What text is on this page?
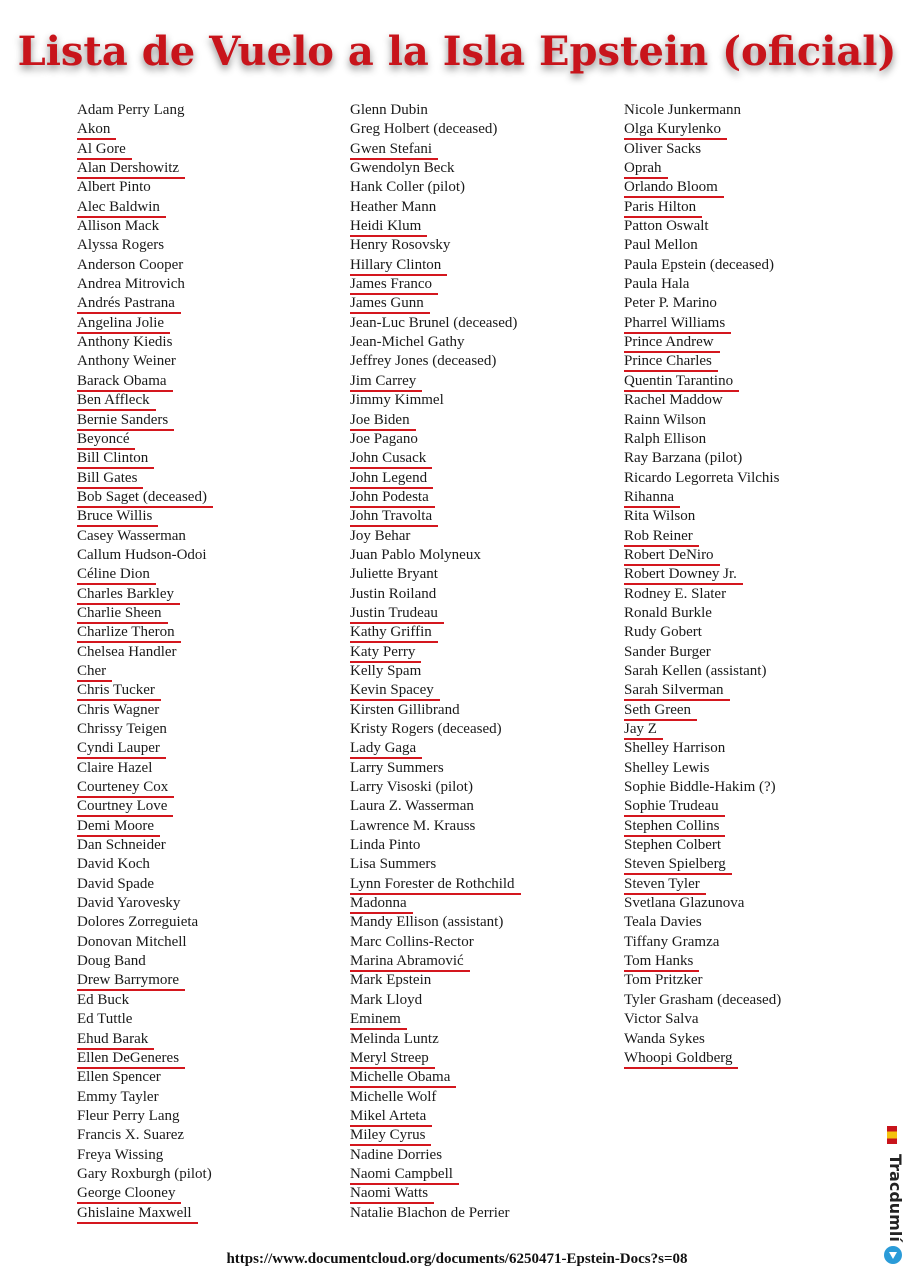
Lista de Vuelo a la Isla Epstein (oficial)
Adam Perry Lang
Akon
Al Gore
Alan Dershowitz
Albert Pinto
Alec Baldwin
Allison Mack
Alyssa Rogers
Anderson Cooper
Andrea Mitrovich
Andrés Pastrana
Angelina Jolie
Anthony Kiedis
Anthony Weiner
Barack Obama
Ben Affleck
Bernie Sanders
Beyoncé
Bill Clinton
Bill Gates
Bob Saget (deceased)
Bruce Willis
Casey Wasserman
Callum Hudson-Odoi
Céline Dion
Charles Barkley
Charlie Sheen
Charlize Theron
Chelsea Handler
Cher
Chris Tucker
Chris Wagner
Chrissy Teigen
Cyndi Lauper
Claire Hazel
Courteney Cox
Courtney Love
Demi Moore
Dan Schneider
David Koch
David Spade
David Yarovesky
Dolores Zorreguieta
Donovan Mitchell
Doug Band
Drew Barrymore
Ed Buck
Ed Tuttle
Ehud Barak
Ellen DeGeneres
Ellen Spencer
Emmy Tayler
Fleur Perry Lang
Francis X. Suarez
Freya Wissing
Gary Roxburgh (pilot)
George Clooney
Ghislaine Maxwell
Glenn Dubin
Greg Holbert (deceased)
Gwen Stefani
Gwendolyn Beck
Hank Coller (pilot)
Heather Mann
Heidi Klum
Henry Rosovsky
Hillary Clinton
James Franco
James Gunn
Jean-Luc Brunel (deceased)
Jean-Michel Gathy
Jeffrey Jones (deceased)
Jim Carrey
Jimmy Kimmel
Joe Biden
Joe Pagano
John Cusack
John Legend
John Podesta
John Travolta
Joy Behar
Juan Pablo Molyneux
Juliette Bryant
Justin Roiland
Justin Trudeau
Kathy Griffin
Katy Perry
Kelly Spam
Kevin Spacey
Kirsten Gillibrand
Kristy Rogers (deceased)
Lady Gaga
Larry Summers
Larry Visoski (pilot)
Laura Z. Wasserman
Lawrence M. Krauss
Linda Pinto
Lisa Summers
Lynn Forester de Rothchild
Madonna
Mandy Ellison (assistant)
Marc Collins-Rector
Marina Abramović
Mark Epstein
Mark Lloyd
Eminem
Melinda Luntz
Meryl Streep
Michelle Obama
Michelle Wolf
Mikel Arteta
Miley Cyrus
Nadine Dorries
Naomi Campbell
Naomi Watts
Natalie Blachon de Perrier
Nicole Junkermann
Olga Kurylenko
Oliver Sacks
Oprah
Orlando Bloom
Paris Hilton
Patton Oswalt
Paul Mellon
Paula Epstein (deceased)
Paula Hala
Peter P. Marino
Pharrel Williams
Prince Andrew
Prince Charles
Quentin Tarantino
Rachel Maddow
Rainn Wilson
Ralph Ellison
Ray Barzana (pilot)
Ricardo Legorreta Vilchis
Rihanna
Rita Wilson
Rob Reiner
Robert DeNiro
Robert Downey Jr.
Rodney E. Slater
Ronald Burkle
Rudy Gobert
Sander Burger
Sarah Kellen (assistant)
Sarah Silverman
Seth Green
Jay Z
Shelley Harrison
Shelley Lewis
Sophie Biddle-Hakim (?)
Sophie Trudeau
Stephen Collins
Stephen Colbert
Steven Spielberg
Steven Tyler
Svetlana Glazunova
Teala Davies
Tiffany Gramza
Tom Hanks
Tom Pritzker
Tyler Grasham (deceased)
Victor Salva
Wanda Sykes
Whoopi Goldberg
https://www.documentcloud.org/documents/6250471-Epstein-Docs?s=08
Tracdumlí
